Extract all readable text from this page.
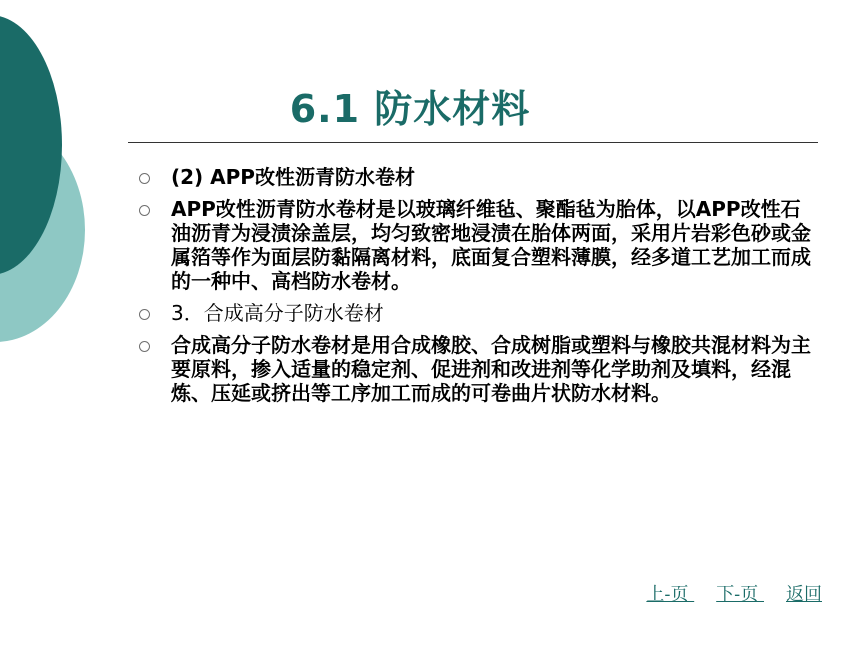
6.1 防水材料
(2) APP改性沥青防水卷材
APP改性沥青防水卷材是以玻璃纤维毡、聚酯毡为胎体，以APP改性石油沥青为浸渍涂盖层，均匀致密地浸渍在胎体两面，采用片岩彩色砂或金属箔等作为面层防黏隔离材料，底面复合塑料薄膜，经多道工艺加工而成的一种中、高档防水卷材。
3．合成高分子防水卷材
合成高分子防水卷材是用合成橡胶、合成树脂或塑料与橡胶共混材料为主要原料，掺入适量的稳定剂、促进剂和改进剂等化学助剂及填料，经混炼、压延或挤出等工序加工而成的可卷曲片状防水材料。
上-页 下-页 返回
